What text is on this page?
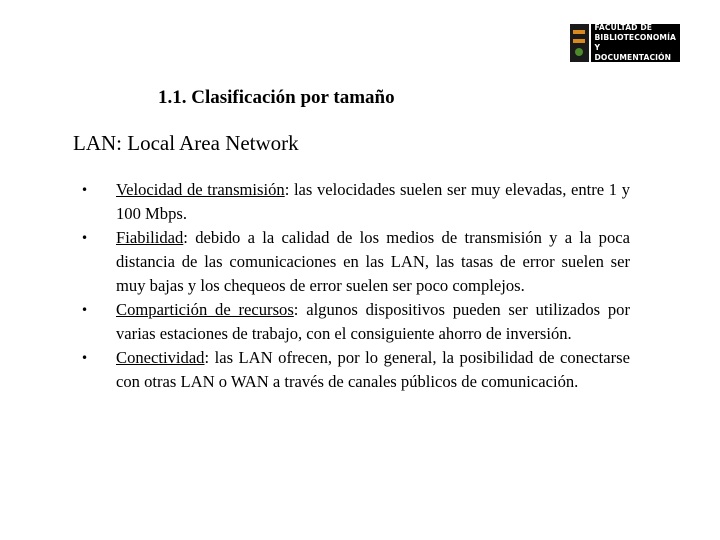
FACULTAD DE
BIBLIOTECONOMÍA
Y DOCUMENTACIÓN
1.1. Clasificación por tamaño
LAN: Local Area Network
• Velocidad de transmisión: las velocidades suelen ser muy elevadas, entre 1 y 100 Mbps.
• Fiabilidad: debido a la calidad de los medios de transmisión y a la poca distancia de las comunicaciones en las LAN, las tasas de error suelen ser muy bajas y los chequeos de error suelen ser poco complejos.
• Compartición de recursos: algunos dispositivos pueden ser utilizados por varias estaciones de trabajo, con el consiguiente ahorro de inversión.
• Conectividad: las LAN ofrecen, por lo general, la posibilidad de conectarse con otras LAN o WAN a través de canales públicos de comunicación.
